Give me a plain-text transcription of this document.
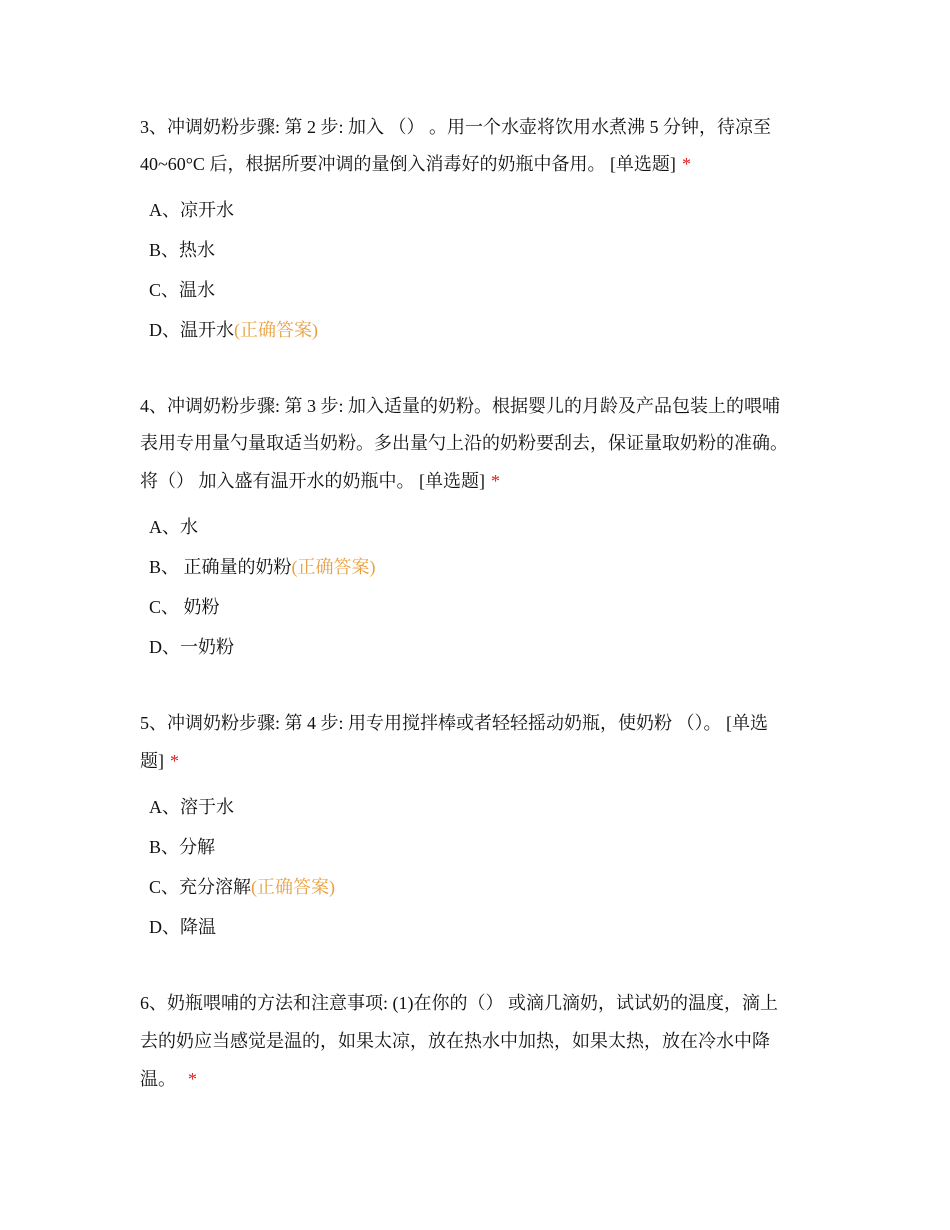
3、冲调奶粉步骤: 第 2 步: 加入 （） 。用一个水壶将饮用水煮沸 5 分钟，待凉至
40~60°C 后，根据所要冲调的量倒入消毒好的奶瓶中备用。 [单选题] *
A、凉开水
B、热水
C、温水
D、温开水(正确答案)
4、冲调奶粉步骤: 第 3 步: 加入适量的奶粉。根据婴儿的月龄及产品包装上的喂哺
表用专用量勺量取适当奶粉。多出量勺上沿的奶粉要刮去，保证量取奶粉的准确。
将（） 加入盛有温开水的奶瓶中。 [单选题] *
A、水
B、 正确量的奶粉(正确答案)
C、 奶粉
D、一奶粉
5、冲调奶粉步骤: 第 4 步: 用专用搅拌棒或者轻轻摇动奶瓶，使奶粉 （）。 [单选
题] *
A、溶于水
B、分解
C、充分溶解(正确答案)
D、降温
6、奶瓶喂哺的方法和注意事项: (1)在你的（） 或滴几滴奶，试试奶的温度，滴上
去的奶应当感觉是温的，如果太凉，放在热水中加热，如果太热，放在冷水中降
温。 *
